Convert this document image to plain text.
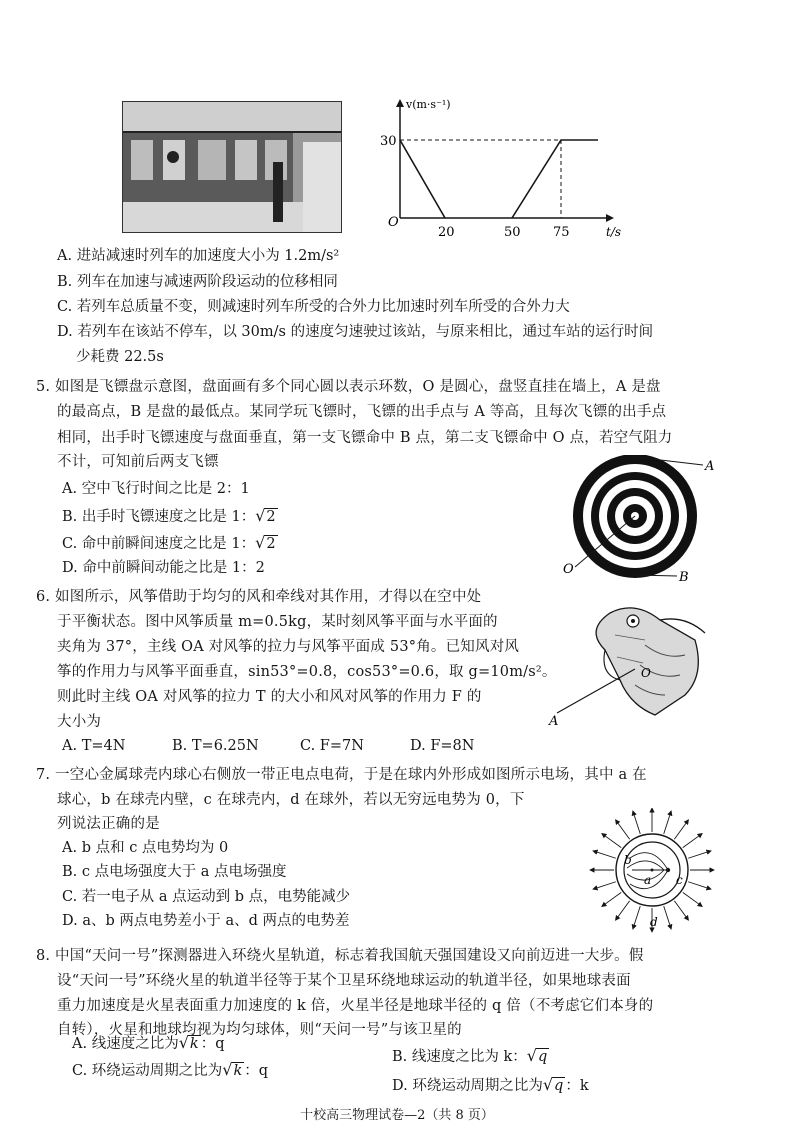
v(m·s⁻¹)
30
O
20	50 75	t/s
A. 进站减速时列车的加速度大小为 1.2m/s²
B. 列车在加速与减速两阶段运动的位移相同
C. 若列车总质量不变，则减速时列车所受的合外力比加速时列车所受的合外力大
D. 若列车在该站不停车，以 30m/s 的速度匀速驶过该站，与原来相比，通过车站的运行时间
少耗费 22.5s
5. 如图是飞镖盘示意图，盘面画有多个同心圆以表示环数，O 是圆心，盘竖直挂在墙上，A 是盘
的最高点，B 是盘的最低点。某同学玩飞镖时，飞镖的出手点与 A 等高，且每次飞镖的出手点
相同，出手时飞镖速度与盘面垂直，第一支飞镖命中 B 点，第二支飞镖命中 O 点，若空气阻力
不计，可知前后两支飞镖
A. 空中飞行时间之比是 2：1
B. 出手时飞镖速度之比是 1：√2
C. 命中前瞬间速度之比是 1：√2
D. 命中前瞬间动能之比是 1：2
A
B
O
6. 如图所示，风筝借助于均匀的风和牵线对其作用，才得以在空中处
于平衡状态。图中风筝质量 m=0.5kg，某时刻风筝平面与水平面的
夹角为 37°，主线 OA 对风筝的拉力与风筝平面成 53°角。已知风对风
筝的作用力与风筝平面垂直，sin53°=0.8，cos53°=0.6，取 g=10m/s²。
则此时主线 OA 对风筝的拉力 T 的大小和风对风筝的作用力 F 的
大小为
A. T=4N	B. T=6.25N	C. F=7N	D. F=8N
A
O
7. 一空心金属球壳内球心右侧放一带正电点电荷，于是在球内外形成如图所示电场，其中 a 在
球心，b 在球壳内壁，c 在球壳内，d 在球外，若以无穷远电势为 0，下
列说法正确的是
A. b 点和 c 点电势均为 0
B. c 点电场强度大于 a 点电场强度
C. 若一电子从 a 点运动到 b 点，电势能减少
D. a、b 两点电势差小于 a、d 两点的电势差
b
a c
d
8. 中国“天问一号”探测器进入环绕火星轨道，标志着我国航天强国建设又向前迈进一大步。假
设“天问一号”环绕火星的轨道半径等于某个卫星环绕地球运动的轨道半径，如果地球表面
重力加速度是火星表面重力加速度的 k 倍，火星半径是地球半径的 q 倍（不考虑它们本身的
自转），火星和地球均视为均匀球体，则“天问一号”与该卫星的
A. 线速度之比为√k ：q
B. 线速度之比为 k：√q
C. 环绕运动周期之比为√k ：q
D. 环绕运动周期之比为√q ：k
十校高三物理试卷—2（共 8 页）
